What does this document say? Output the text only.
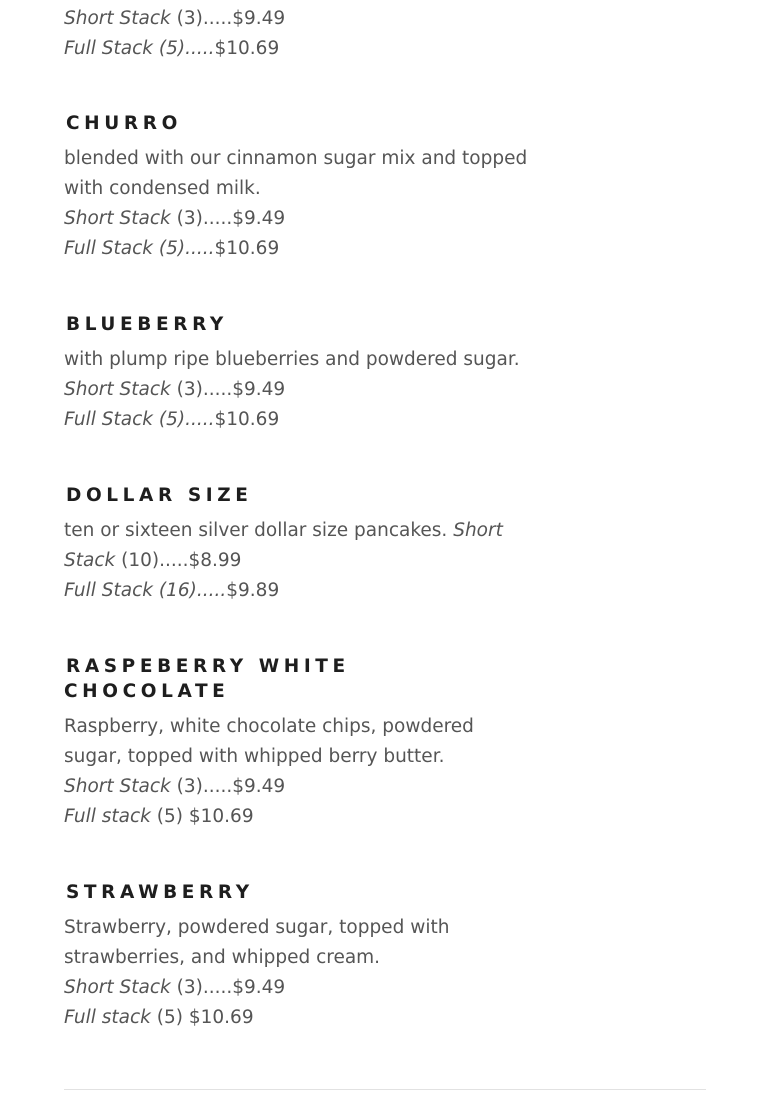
Short Stack (3).....$9.49
Full Stack (5).....$10.69
CHURRO
blended with our cinnamon sugar mix and topped with condensed milk.
Short Stack (3).....$9.49
Full Stack (5).....$10.69
BLUEBERRY
with plump ripe blueberries and powdered sugar.
Short Stack (3).....$9.49
Full Stack (5).....$10.69
DOLLAR SIZE
ten or sixteen silver dollar size pancakes. Short Stack (10).....$8.99
Full Stack (16).....$9.89
RASPEBERRY WHITE
CHOCOLATE
Raspberry, white chocolate chips, powdered sugar, topped with whipped berry butter.
Short Stack (3).....$9.49
Full stack (5) $10.69
STRAWBERRY
Strawberry, powdered sugar, topped with strawberries, and whipped cream.
Short Stack (3).....$9.49
Full stack (5) $10.69
